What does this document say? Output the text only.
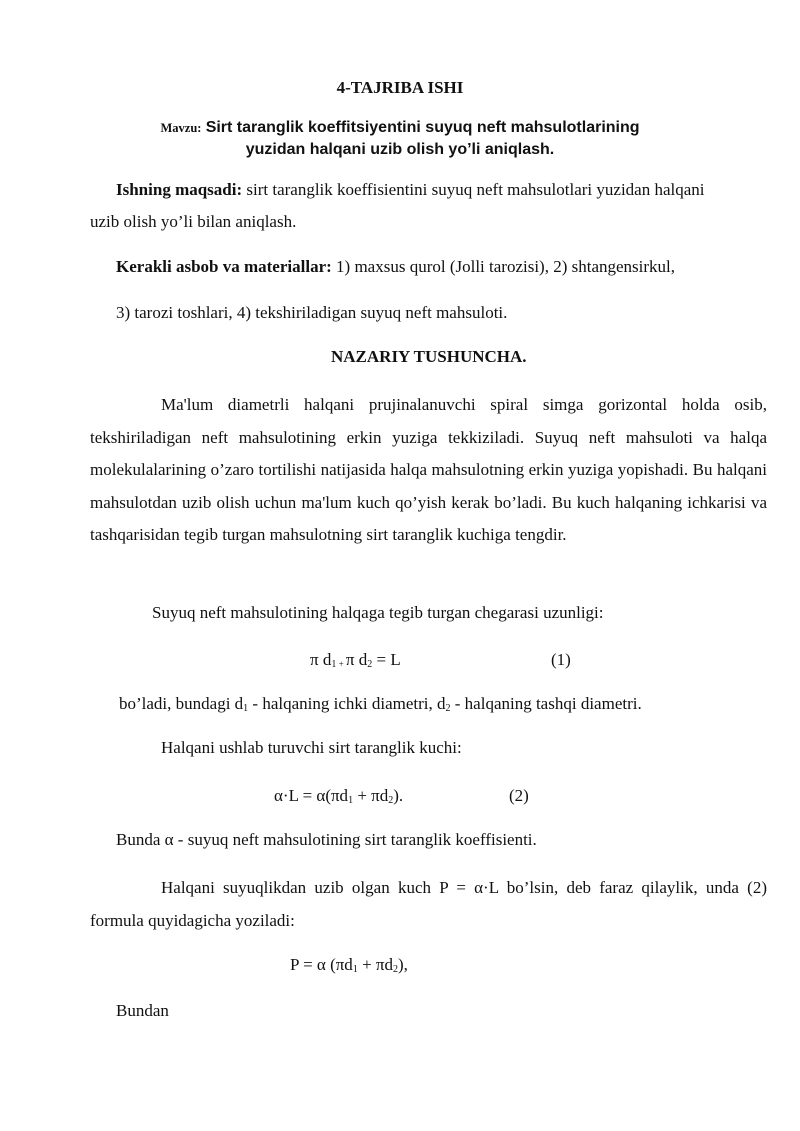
4-TAJRIBA ISHI
Mavzu: Sirt taranglik koeffitsiyentini suyuq neft mahsulotlarining
yuzidan halqani uzib olish yo’li aniqlash.
Ishning maqsadi: sirt taranglik koeffisientini suyuq neft mahsulotlari yuzidan halqani
uzib olish yo’li bilan aniqlash.
Kerakli asbob va materiallar: 1) maxsus qurol (Jolli tarozisi), 2) shtangensirkul,
3) tarozi toshlari, 4) tekshiriladigan suyuq neft mahsuloti.
NAZARIY TUSHUNCHA.
Ma'lum diametrli halqani prujinalanuvchi spiral simga gorizontal holda osib, tekshiriladigan neft mahsulotining erkin yuziga tekkiziladi. Suyuq neft mahsuloti va halqa molekulalarining o’zaro tortilishi natijasida halqa mahsulotning erkin yuziga yopishadi. Bu halqani mahsulotdan uzib olish uchun ma'lum kuch qo’yish kerak bo’ladi. Bu kuch halqaning ichkarisi va tashqarisidan tegib turgan mahsulotning sirt taranglik kuchiga tengdir.
Suyuq neft mahsulotining halqaga tegib turgan chegarasi uzunligi:
π $d_1 + \pi$ $d_2 = L$	(1)
bo’ladi, bundagi $d_1$ - halqaning ichki diametri, $d_2$ - halqaning tashqi diametri.
Halqani ushlab turuvchi sirt taranglik kuchi:
$\alpha\cdot L = \alpha(\pi d_1 + \pi d_2)$.	(2)
Bunda α - suyuq neft mahsulotining sirt taranglik koeffisienti.
Halqani suyuqlikdan uzib olgan kuch P = α·L bo’lsin, deb faraz qilaylik, unda (2) formula quyidagicha yoziladi:
P = α $(\pi d_1 + \pi d_2)$,
Bundan
